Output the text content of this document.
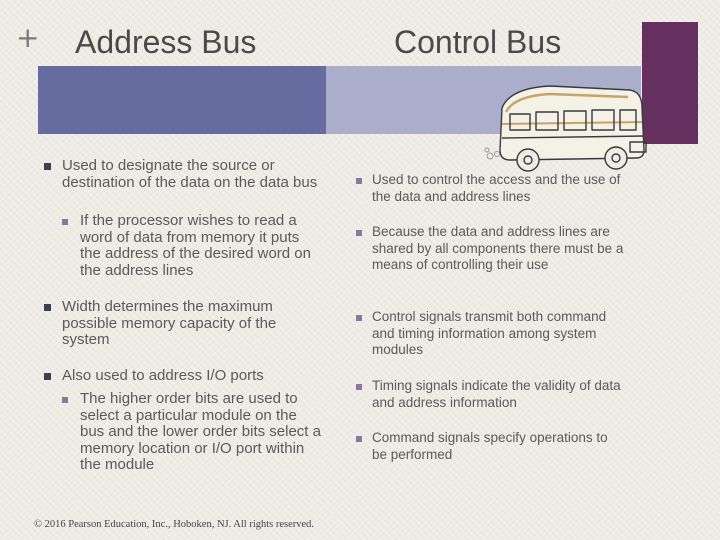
+ Address Bus	Control Bus
Used to designate the source or destination of the data on the data bus
If the processor wishes to read a word of data from memory it puts the address of the desired word on the address lines
Width determines the maximum possible memory capacity of the system
Also used to address I/O ports
The higher order bits are used to select a particular module on the bus and the lower order bits select a memory location or I/O port within the module
Used to control the access and the use of the data and address lines
Because the data and address lines are shared by all components there must be a means of controlling their use
Control signals transmit both command and timing information among system modules
Timing signals indicate the validity of data and address information
Command signals specify operations to be performed
© 2016 Pearson Education, Inc., Hoboken, NJ. All rights reserved.
